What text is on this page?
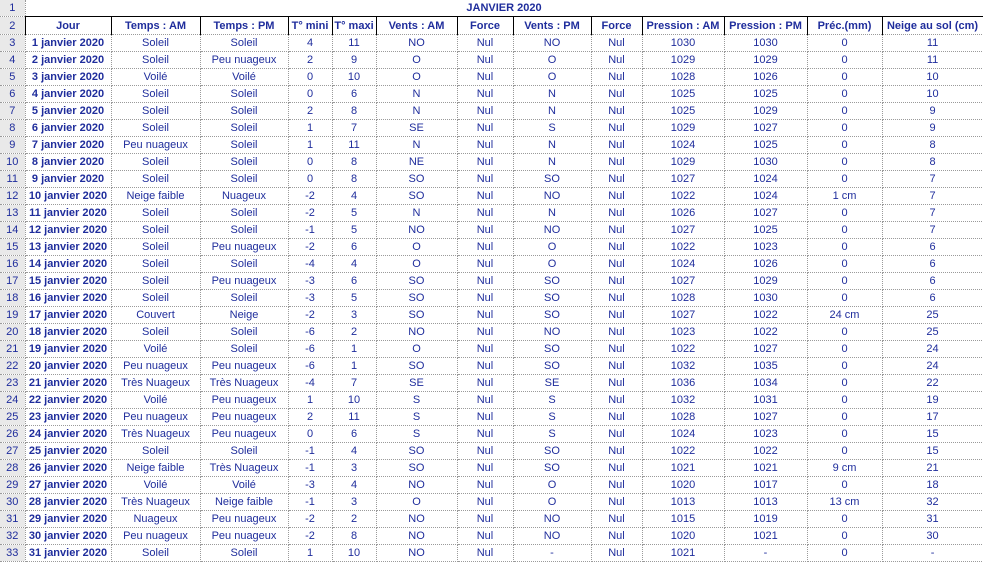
1	JANVIER 2020												
2	Jour	Temps : AM	Temps : PM	T° mini	T° maxi	Vents : AM	Force	Vents : PM	Force	Pression : AM	Pression : PM	Préc.(mm)	Neige au sol (cm)
3	1 janvier 2020	Soleil	Soleil	4	11	NO	Nul	NO	Nul	1030	1030	0	11
4	2 janvier 2020	Soleil	Peu nuageux	2	9	O	Nul	O	Nul	1029	1029	0	11
5	3 janvier 2020	Voilé	Voilé	0	10	O	Nul	O	Nul	1028	1026	0	10
6	4 janvier 2020	Soleil	Soleil	0	6	N	Nul	N	Nul	1025	1025	0	10
7	5 janvier 2020	Soleil	Soleil	2	8	N	Nul	N	Nul	1025	1029	0	9
8	6 janvier 2020	Soleil	Soleil	1	7	SE	Nul	S	Nul	1029	1027	0	9
9	7 janvier 2020	Peu nuageux	Soleil	1	11	N	Nul	N	Nul	1024	1025	0	8
10	8 janvier 2020	Soleil	Soleil	0	8	NE	Nul	N	Nul	1029	1030	0	8
11	9 janvier 2020	Soleil	Soleil	0	8	SO	Nul	SO	Nul	1027	1024	0	7
12	10 janvier 2020	Neige faible	Nuageux	-2	4	SO	Nul	NO	Nul	1022	1024	1 cm	7
13	11 janvier 2020	Soleil	Soleil	-2	5	N	Nul	N	Nul	1026	1027	0	7
14	12 janvier 2020	Soleil	Soleil	-1	5	NO	Nul	NO	Nul	1027	1025	0	7
15	13 janvier 2020	Soleil	Peu nuageux	-2	6	O	Nul	O	Nul	1022	1023	0	6
16	14 janvier 2020	Soleil	Soleil	-4	4	O	Nul	O	Nul	1024	1026	0	6
17	15 janvier 2020	Soleil	Peu nuageux	-3	6	SO	Nul	SO	Nul	1027	1029	0	6
18	16 janvier 2020	Soleil	Soleil	-3	5	SO	Nul	SO	Nul	1028	1030	0	6
19	17 janvier 2020	Couvert	Neige	-2	3	SO	Nul	SO	Nul	1027	1022	24 cm	25
20	18 janvier 2020	Soleil	Soleil	-6	2	NO	Nul	NO	Nul	1023	1022	0	25
21	19 janvier 2020	Voilé	Soleil	-6	1	O	Nul	SO	Nul	1022	1027	0	24
22	20 janvier 2020	Peu nuageux	Peu nuageux	-6	1	SO	Nul	SO	Nul	1032	1035	0	24
23	21 janvier 2020	Très Nuageux	Très Nuageux	-4	7	SE	Nul	SE	Nul	1036	1034	0	22
24	22 janvier 2020	Voilé	Peu nuageux	1	10	S	Nul	S	Nul	1032	1031	0	19
25	23 janvier 2020	Peu nuageux	Peu nuageux	2	11	S	Nul	S	Nul	1028	1027	0	17
26	24 janvier 2020	Très Nuageux	Peu nuageux	0	6	S	Nul	S	Nul	1024	1023	0	15
27	25 janvier 2020	Soleil	Soleil	-1	4	SO	Nul	SO	Nul	1022	1022	0	15
28	26 janvier 2020	Neige faible	Très Nuageux	-1	3	SO	Nul	SO	Nul	1021	1021	9 cm	21
29	27 janvier 2020	Voilé	Voilé	-3	4	NO	Nul	O	Nul	1020	1017	0	18
30	28 janvier 2020	Très Nuageux	Neige faible	-1	3	O	Nul	O	Nul	1013	1013	13 cm	32
31	29 janvier 2020	Nuageux	Peu nuageux	-2	2	NO	Nul	NO	Nul	1015	1019	0	31
32	30 janvier 2020	Peu nuageux	Peu nuageux	-2	8	NO	Nul	NO	Nul	1020	1021	0	30
33	31 janvier 2020	Soleil	Soleil	1	10	NO	Nul	-	Nul	1021	-	0	-
